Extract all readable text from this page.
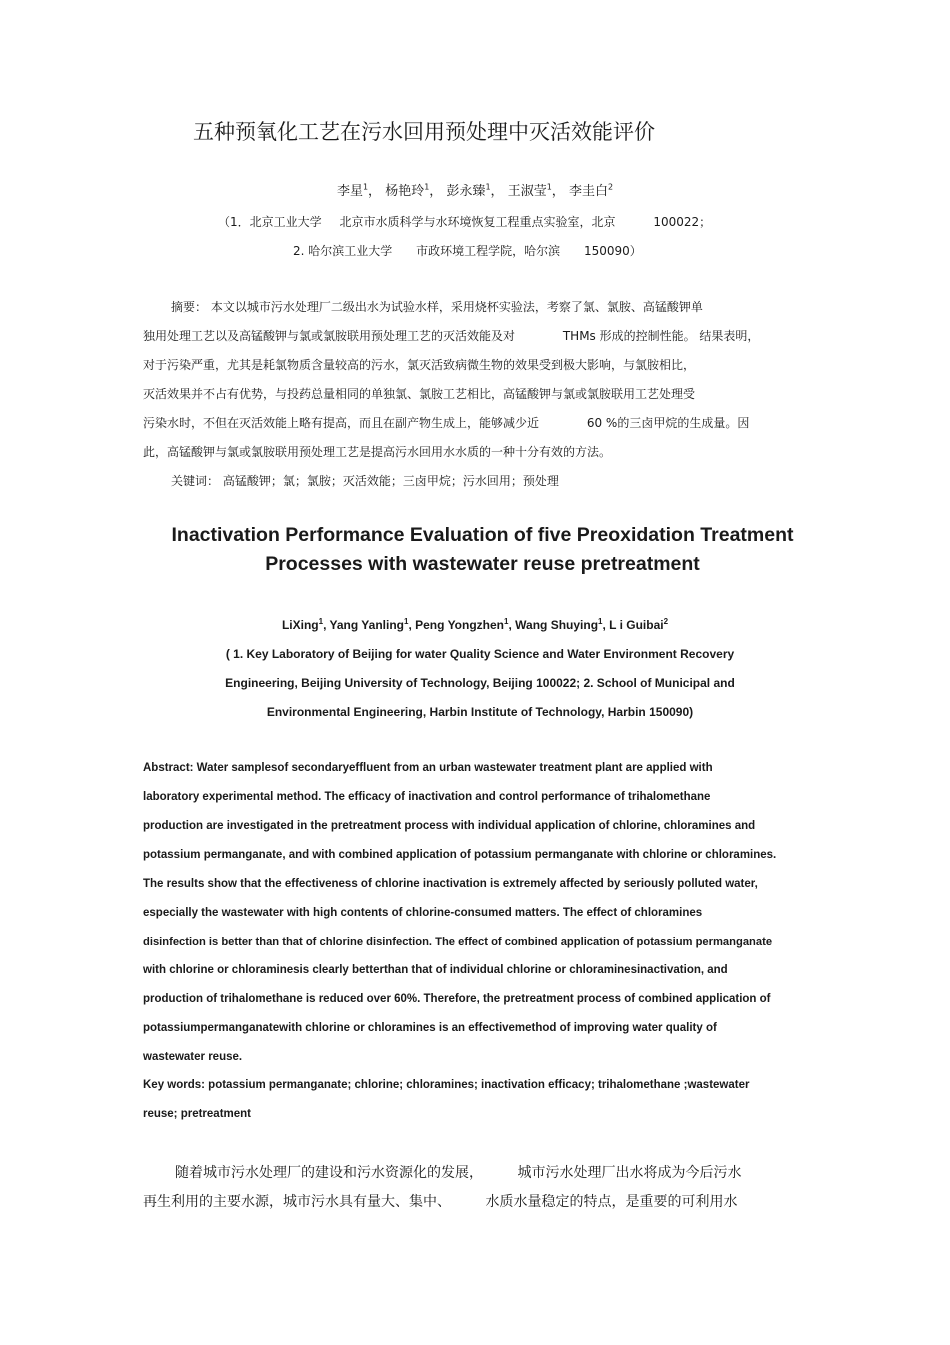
五种预氧化工艺在污水回用预处理中灭活效能评价
李星$^1$， 杨艳玲$^1$， 彭永臻$^1$， 王淑莹$^1$， 李圭白$^2$
（1．北京工业大学 北京市水质科学与水环境恢复工程重点实验室，北京	100022；
2. 哈尔滨工业大学 市政环境工程学院，哈尔滨 150090）
摘要： 本文以城市污水处理厂二级出水为试验水样，采用烧杯实验法，考察了氯、氯胺、高锰酸钾单
独用处理工艺以及高锰酸钾与氯或氯胺联用预处理工艺的灭活效能及对	THMs 形成的控制性能。 结果表明，
对于污染严重，尤其是耗氯物质含量较高的污水，氯灭活致病微生物的效果受到极大影响，与氯胺相比，
灭活效果并不占有优势，与投药总量相同的单独氯、氯胺工艺相比，高锰酸钾与氯或氯胺联用工艺处理受
污染水时，不但在灭活效能上略有提高，而且在副产物生成上，能够减少近	60 %的三卤甲烷的生成量。因
此，高锰酸钾与氯或氯胺联用预处理工艺是提高污水回用水水质的一种十分有效的方法。
关键词： 高锰酸钾；氯；氯胺；灭活效能；三卤甲烷；污水回用；预处理
Inactivation Performance Evaluation of five Preoxidation Treatment
Processes with wastewater reuse pretreatment
LiXing$^1$, Yang Yanling$^1$, Peng Yongzhen$^1$, Wang Shuying$^1$, L i Guibai$^2$
( 1. Key Laboratory of Beijing for water Quality Science and Water Environment Recovery
Engineering, Beijing University of Technology, Beijing 100022; 2. School of Municipal and
Environmental Engineering, Harbin Institute of Technology, Harbin 150090)
Abstract: Water samplesof secondaryeffluent from an urban wastewater treatment plant are applied with
laboratory experimental method. The efficacy of inactivation and control performance of trihalomethane
production are investigated in the pretreatment process with individual application of chlorine, chloramines and
potassium permanganate, and with combined application of potassium permanganate with chlorine or chloramines.
The results show that the effectiveness of chlorine inactivation is extremely affected by seriously polluted water,
especially the wastewater with high contents of chlorine-consumed matters. The effect of chloramines
disinfection is better than that of chlorine disinfection. The effect of combined application of potassium permanganate
with chlorine or chloraminesis clearly betterthan that of individual chlorine or chloraminesinactivation, and
production of trihalomethane is reduced over 60%. Therefore, the pretreatment process of combined application of
potassiumpermanganatewith chlorine or chloramines is an effectivemethod of improving water quality of
wastewater reuse.
Key words: potassium permanganate; chlorine; chloramines; inactivation efficacy; trihalomethane ;wastewater
reuse; pretreatment
随着城市污水处理厂的建设和污水资源化的发展， 城市污水处理厂出水将成为今后污水
再生利用的主要水源，城市污水具有量大、集中、 水质水量稳定的特点，是重要的可利用水
